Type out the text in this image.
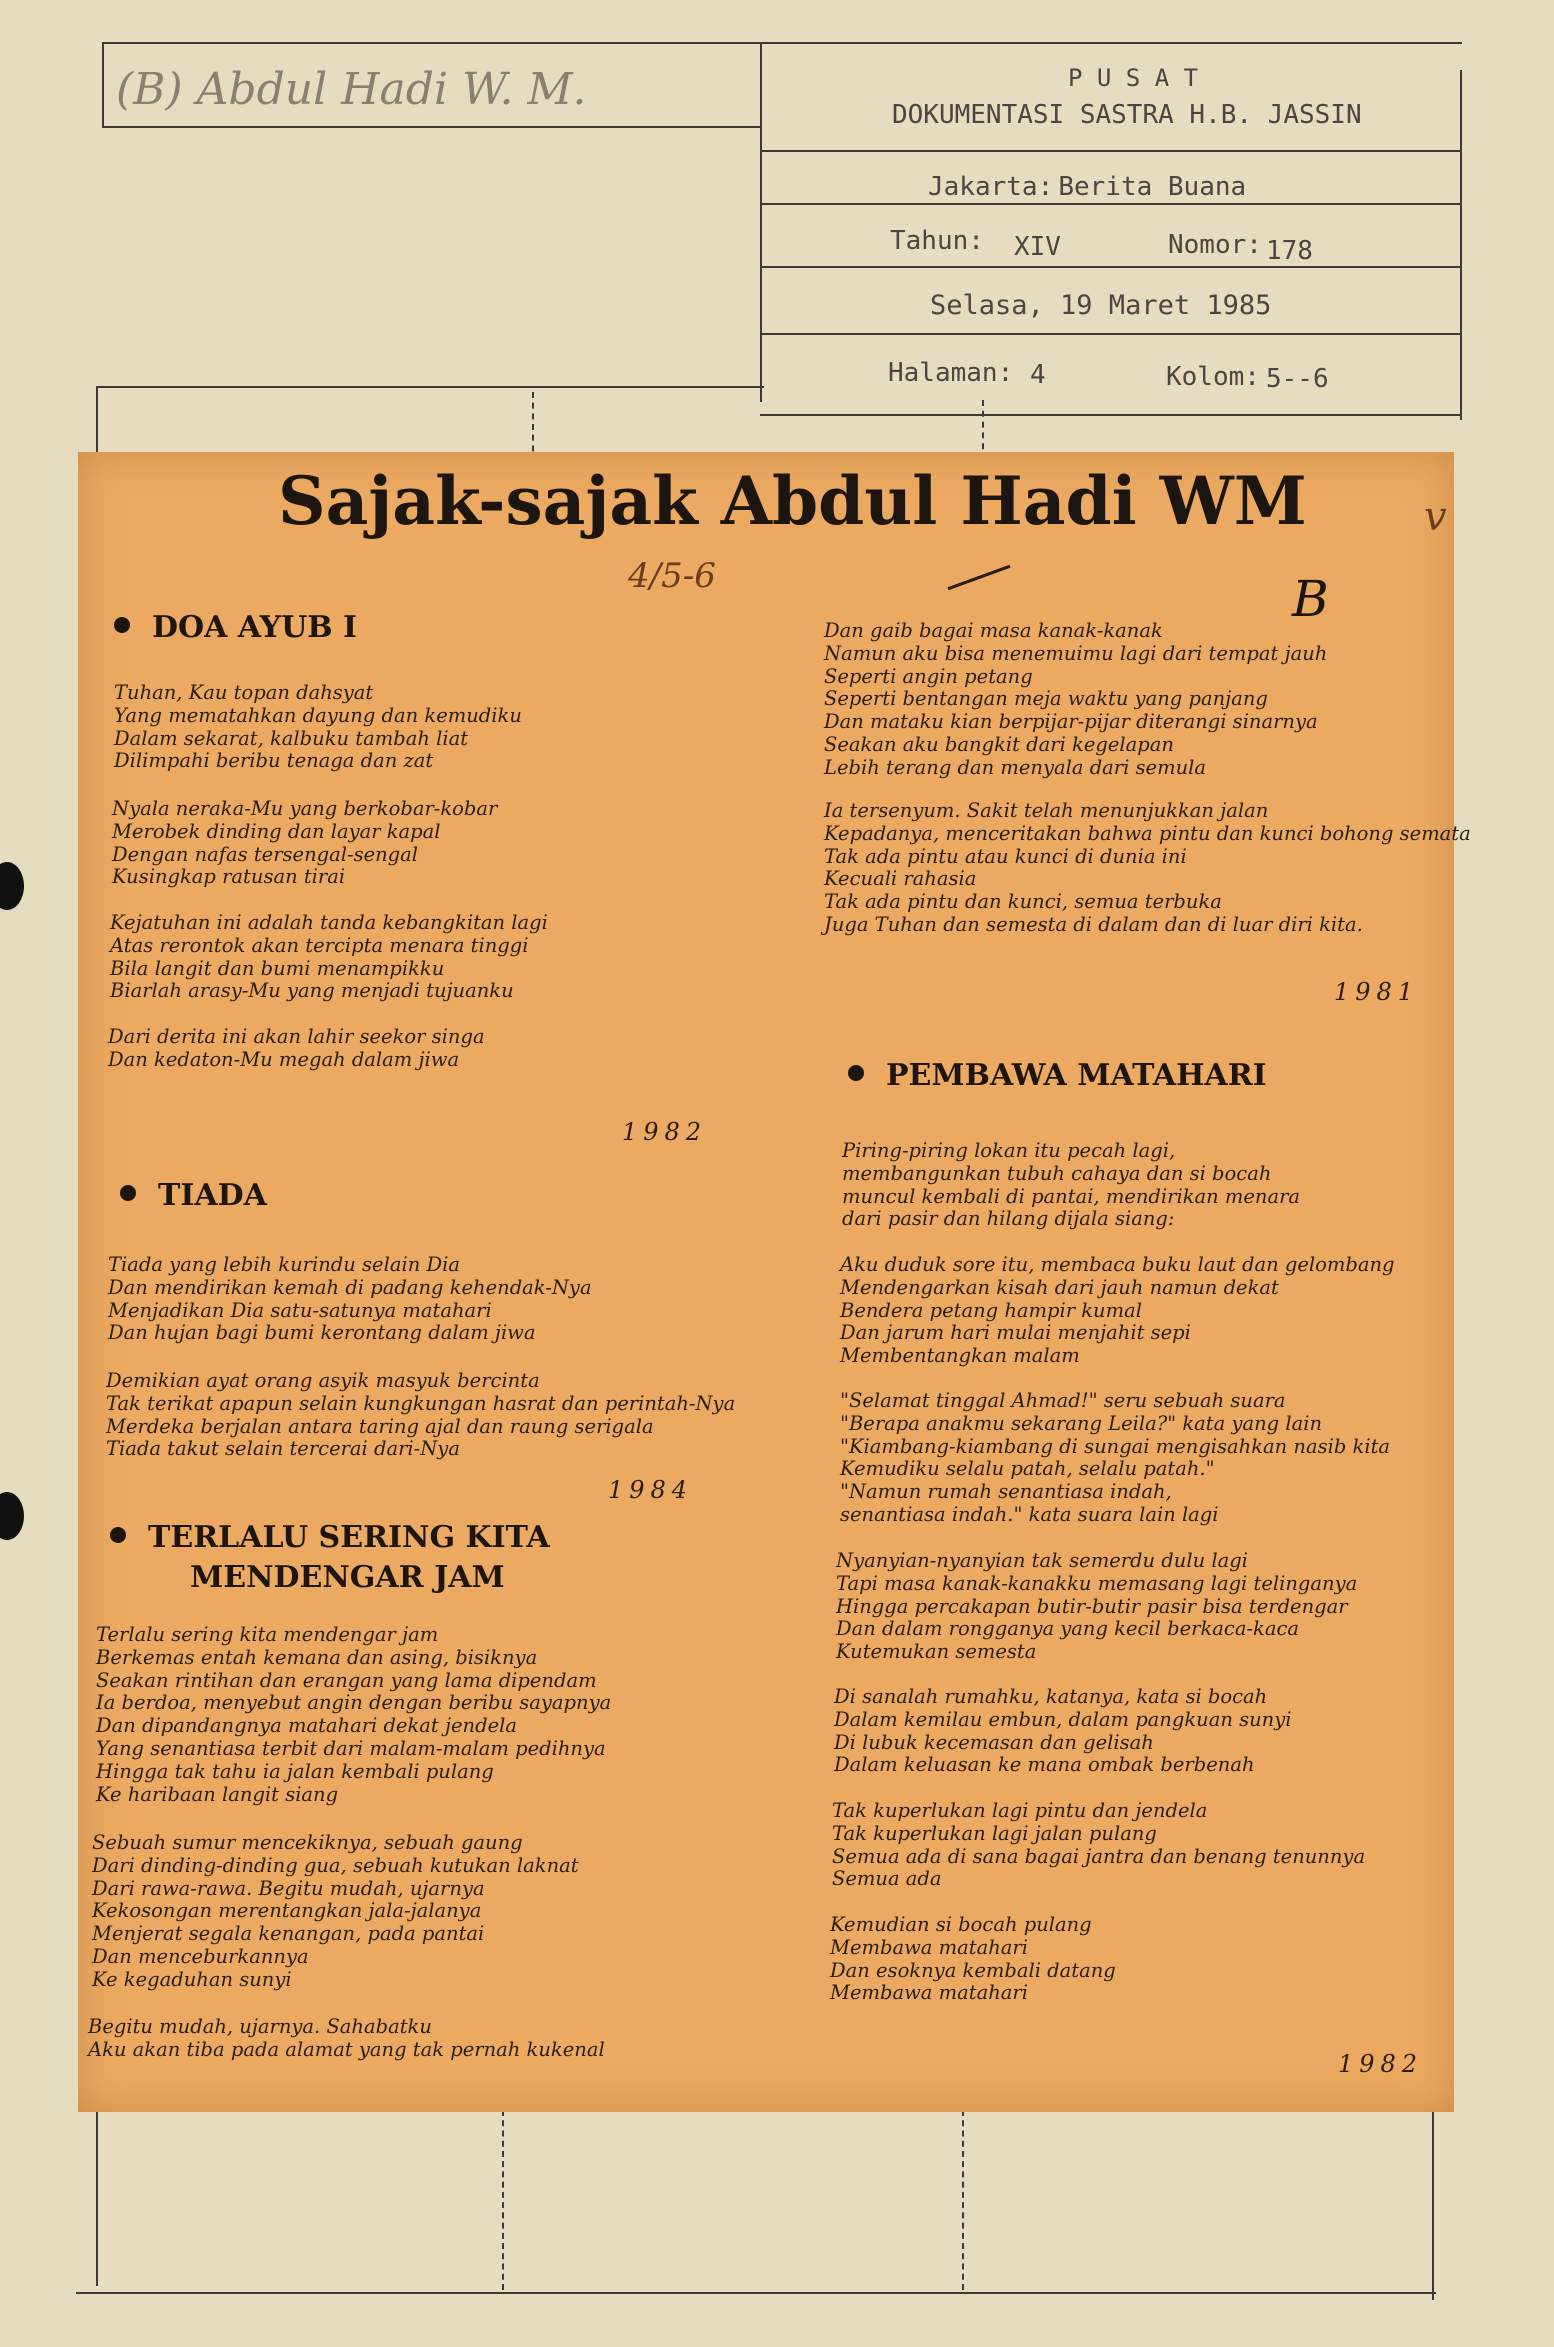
(B) Abdul Hadi W. M.	P U S A T
DOKUMENTASI SASTRA H.B. JASSIN
Jakarta: Berita Buana
Tahun: XIV	Nomor: 178
Selasa, 19 Maret 1985
Halaman: 4	Kolom: 5--6
Sajak-sajak Abdul Hadi WM
4/5-6	B
v
DOA AYUB I
Tuhan, Kau topan dahsyat
Yang mematahkan dayung dan kemudiku
Dalam sekarat, kalbuku tambah liat
Dilimpahi beribu tenaga dan zat
Nyala neraka-Mu yang berkobar-kobar
Merobek dinding dan layar kapal
Dengan nafas tersengal-sengal
Kusingkap ratusan tirai
Kejatuhan ini adalah tanda kebangkitan lagi
Atas rerontok akan tercipta menara tinggi
Bila langit dan bumi menampikku
Biarlah arasy-Mu yang menjadi tujuanku
Dari derita ini akan lahir seekor singa
Dan kedaton-Mu megah dalam jiwa
1982
Dan gaib bagai masa kanak-kanak
Namun aku bisa menemuimu lagi dari tempat jauh
Seperti angin petang
Seperti bentangan meja waktu yang panjang
Dan mataku kian berpijar-pijar diterangi sinarnya
Seakan aku bangkit dari kegelapan
Lebih terang dan menyala dari semula
Ia tersenyum. Sakit telah menunjukkan jalan
Kepadanya, menceritakan bahwa pintu dan kunci bohong semata
Tak ada pintu atau kunci di dunia ini
Kecuali rahasia
Tak ada pintu dan kunci, semua terbuka
Juga Tuhan dan semesta di dalam dan di luar diri kita.
1981
TIADA
Tiada yang lebih kurindu selain Dia
Dan mendirikan kemah di padang kehendak-Nya
Menjadikan Dia satu-satunya matahari
Dan hujan bagi bumi kerontang dalam jiwa
Demikian ayat orang asyik masyuk bercinta
Tak terikat apapun selain kungkungan hasrat dan perintah-Nya
Merdeka berjalan antara taring ajal dan raung serigala
Tiada takut selain tercerai dari-Nya
1984
TERLALU SERING KITA
MENDENGAR JAM
Terlalu sering kita mendengar jam
Berkemas entah kemana dan asing, bisiknya
Seakan rintihan dan erangan yang lama dipendam
Ia berdoa, menyebut angin dengan beribu sayapnya
Dan dipandangnya matahari dekat jendela
Yang senantiasa terbit dari malam-malam pedihnya
Hingga tak tahu ia jalan kembali pulang
Ke haribaan langit siang
Sebuah sumur mencekiknya, sebuah gaung
Dari dinding-dinding gua, sebuah kutukan laknat
Dari rawa-rawa. Begitu mudah, ujarnya
Kekosongan merentangkan jala-jalanya
Menjerat segala kenangan, pada pantai
Dan menceburkannya
Ke kegaduhan sunyi
Begitu mudah, ujarnya. Sahabatku
Aku akan tiba pada alamat yang tak pernah kukenal
PEMBAWA MATAHARI
Piring-piring lokan itu pecah lagi,
membangunkan tubuh cahaya dan si bocah
muncul kembali di pantai, mendirikan menara
dari pasir dan hilang dijala siang:
Aku duduk sore itu, membaca buku laut dan gelombang
Mendengarkan kisah dari jauh namun dekat
Bendera petang hampir kumal
Dan jarum hari mulai menjahit sepi
Membentangkan malam
"Selamat tinggal Ahmad!" seru sebuah suara
"Berapa anakmu sekarang Leila?" kata yang lain
"Kiambang-kiambang di sungai mengisahkan nasib kita
Kemudiku selalu patah, selalu patah."
"Namun rumah senantiasa indah,
senantiasa indah." kata suara lain lagi
Nyanyian-nyanyian tak semerdu dulu lagi
Tapi masa kanak-kanakku memasang lagi telinganya
Hingga percakapan butir-butir pasir bisa terdengar
Dan dalam rongganya yang kecil berkaca-kaca
Kutemukan semesta
Di sanalah rumahku, katanya, kata si bocah
Dalam kemilau embun, dalam pangkuan sunyi
Di lubuk kecemasan dan gelisah
Dalam keluasan ke mana ombak berbenah
Tak kuperlukan lagi pintu dan jendela
Tak kuperlukan lagi jalan pulang
Semua ada di sana bagai jantra dan benang tenunnya
Semua ada
Kemudian si bocah pulang
Membawa matahari
Dan esoknya kembali datang
Membawa matahari
1982
